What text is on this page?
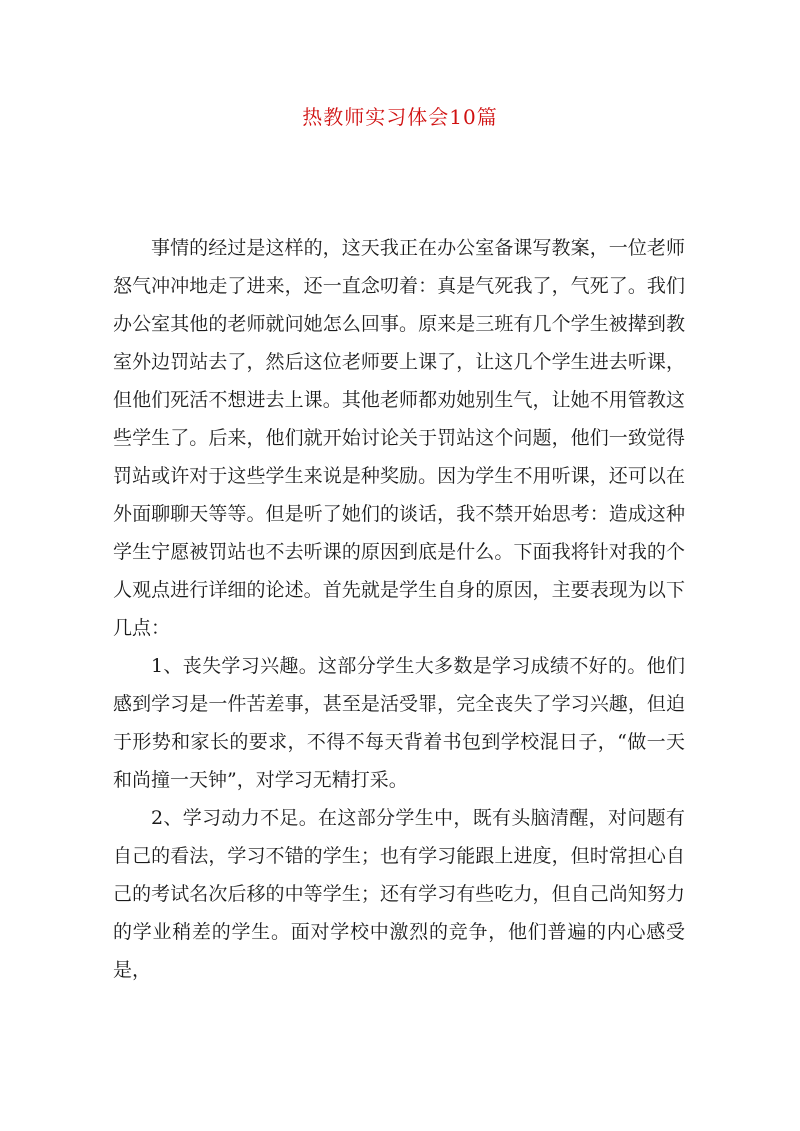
热教师实习体会10篇

事情的经过是这样的，这天我正在办公室备课写教案，一位老师怒气冲冲地走了进来，还一直念叨着：真是气死我了，气死了。我们办公室其他的老师就问她怎么回事。原来是三班有几个学生被撵到教室外边罚站去了，然后这位老师要上课了，让这几个学生进去听课，但他们死活不想进去上课。其他老师都劝她别生气，让她不用管教这些学生了。后来，他们就开始讨论关于罚站这个问题，他们一致觉得罚站或许对于这些学生来说是种奖励。因为学生不用听课，还可以在外面聊聊天等等。但是听了她们的谈话，我不禁开始思考：造成这种学生宁愿被罚站也不去听课的原因到底是什么。下面我将针对我的个人观点进行详细的论述。首先就是学生自身的原因，主要表现为以下几点：

1、丧失学习兴趣。这部分学生大多数是学习成绩不好的。他们感到学习是一件苦差事，甚至是活受罪，完全丧失了学习兴趣，但迫于形势和家长的要求，不得不每天背着书包到学校混日子，“做一天和尚撞一天钟”，对学习无精打采。

2、学习动力不足。在这部分学生中，既有头脑清醒，对问题有自己的看法，学习不错的学生；也有学习能跟上进度，但时常担心自己的考试名次后移的中等学生；还有学习有些吃力，但自己尚知努力的学业稍差的学生。面对学校中激烈的竞争，他们普遍的内心感受是，
